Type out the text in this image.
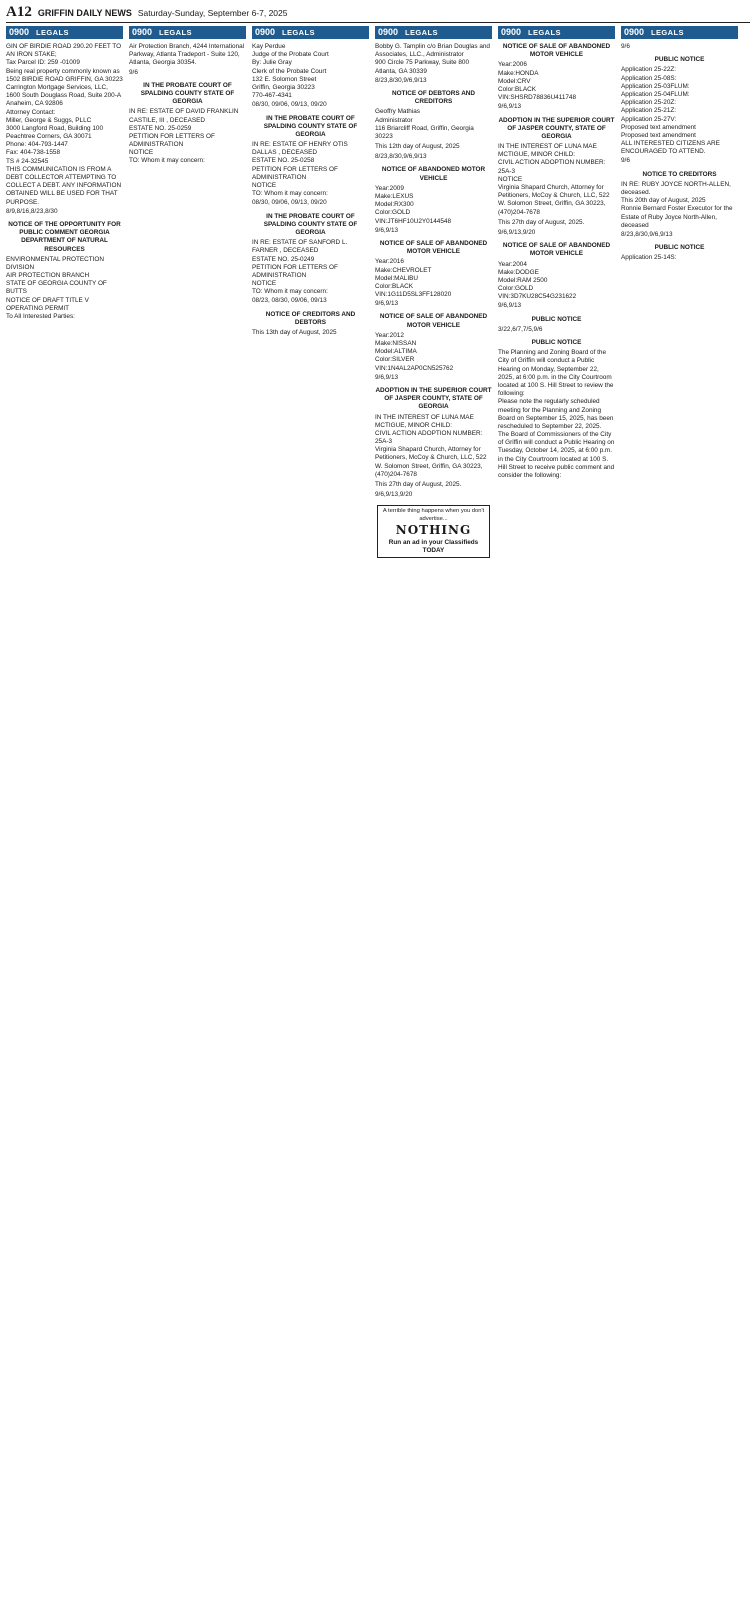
A12 GRIFFIN DAILY NEWS Saturday-Sunday, September 6-7, 2025
0900 LEGALS

GIN OF BIRDIE ROAD 290.20 FEET TO AN IRON STAKE;

Tax Parcel ID: 259 -01009

Being real property commonly known as 1502 BIRDIE ROAD GRIFFIN, GA 30223

Carrington Mortgage Services, LLC, 1600 South Douglass Road, Suite 200-A Anaheim, CA 92806

Attorney Contact:

Miller, George & Suggs, PLLC

3000 Langford Road, Building 100 Peachtree Corners, GA 30071

Phone: 404-793-1447

Fax: 404-738-1558

TS # 24-32545

THIS COMMUNICATION IS FROM A DEBT COLLECTOR ATTEMPTING TO COLLECT A DEBT. ANY INFORMATION OBTAINED WILL BE USED FOR THAT PURPOSE.

8/9,8/16,8/23,8/30

NOTICE OF THE OPPORTUNITY FOR PUBLIC COMMENT GEORGIA DEPARTMENT OF NATURAL RESOURCES

ENVIRONMENTAL PROTECTION DIVISION

AIR PROTECTION BRANCH

STATE OF GEORGIA COUNTY OF BUTTS

NOTICE OF DRAFT TITLE V OPERATING PERMIT

To All Interested Parties:

0900 LEGALS

Air Protection Branch, 4244 International Parkway, Atlanta Tradeport - Suite 120, Atlanta, Georgia 30354.

9/6

IN THE PROBATE COURT OF SPALDING COUNTY STATE OF GEORGIA

IN RE: ESTATE OF DAVID FRANKLIN CASTILE, III , DECEASED

ESTATE NO. 25-0259

PETITION FOR LETTERS OF ADMINISTRATION

NOTICE

TO: Whom it may concern:

0900 LEGALS

Kay Perdue

Judge of the Probate Court

By: Julie Gray

Clerk of the Probate Court

132 E. Solomon Street

Griffin, Georgia 30223

770-467-4341

08/30, 09/06, 09/13, 09/20

IN THE PROBATE COURT OF SPALDING COUNTY STATE OF GEORGIA

IN RE: ESTATE OF HENRY OTIS DALLAS , DECEASED

ESTATE NO. 25-0258

PETITION FOR LETTERS OF ADMINISTRATION

NOTICE

TO: Whom it may concern:

08/30, 09/06, 09/13, 09/20

IN THE PROBATE COURT OF SPALDING COUNTY STATE OF GEORGIA

IN RE: ESTATE OF SANFORD L. FARNER , DECEASED

ESTATE NO. 25-0249

PETITION FOR LETTERS OF ADMINISTRATION

NOTICE

TO: Whom it may concern:

08/23, 08/30, 09/06, 09/13

NOTICE OF CREDITORS AND DEBTORS

This 13th day of August, 2025

0900 LEGALS

Bobby G. Tamplin c/o Brian Douglas and Associates, LLC., Administrator

900 Circle 75 Parkway, Suite 800 Atlanta, GA 30339

8/23,8/30,9/6,9/13

NOTICE OF DEBTORS AND CREDITORS

Geoffry Mathias

Administrator

116 Briarcliff Road, Griffin, Georgia 30223

This 12th day of August, 2025

8/23,8/30,9/6,9/13

NOTICE OF ABANDONED MOTOR VEHICLE

Year:2009

Make:LEXUS

Model:RX300

Color:GOLD

VIN:JT6HF10U2Y0144548

9/6,9/13

NOTICE OF SALE OF ABANDONED MOTOR VEHICLE

Year:2016

Make:CHEVROLET

Model:MALIBU

Color:BLACK

VIN:1G11D5SL3FF128020

9/6,9/13

NOTICE OF SALE OF ABANDONED MOTOR VEHICLE

Year:2012

Make:NISSAN

Model:ALTIMA

Color:SILVER

VIN:1N4AL2AP0CN525762

9/6,9/13

ADOPTION IN THE SUPERIOR COURT OF JASPER COUNTY, STATE OF GEORGIA

IN THE INTEREST OF LUNA MAE MCTIGUE, MINOR CHILD:

CIVIL ACTION ADOPTION NUMBER: 25A-3

Virginia Shapard Church, Attorney for Petitioners, McCoy & Church, LLC, 522 W. Solomon Street, Griffin, GA 30223,

(470)204-7678

This 27th day of August, 2025.

9/6,9/13,9/20

A terrible thing happens when you don't advertise...
NOTHING
Run an ad in your Classifieds TODAY
0900 LEGALS
NOTICE OF SALE OF ABANDONED MOTOR VEHICLE

Year:2006

Make:HONDA

Model:CRV

Color:BLACK

VIN:SHSRD78836U411748

9/6,9/13

ADOPTION IN THE SUPERIOR COURT OF JASPER COUNTY, STATE OF GEORGIA

IN THE INTEREST OF LUNA MAE MCTIGUE, MINOR CHILD:

CIVIL ACTION ADOPTION NUMBER: 25A-3

NOTICE

Virginia Shapard Church, Attorney for Petitioners, McCoy & Church, LLC, 522 W. Solomon Street, Griffin, GA 30223, (470)204-7678

This 27th day of August, 2025.

9/6,9/13,9/20

NOTICE OF SALE OF ABANDONED MOTOR VEHICLE

Year:2004

Make:DODGE

Model:RAM 2500

Color:GOLD

VIN:3D7KU28C54G231622

9/6,9/13

PUBLIC NOTICE

3/22,6/7,7/5,9/6

PUBLIC NOTICE

The Planning and Zoning Board of the City of Griffin will conduct a Public Hearing on Monday, September 22, 2025, at 6:00 p.m. in the City Courtroom located at 100 S. Hill Street to review the following:

Please note the regularly scheduled meeting for the Planning and Zoning Board on September 15, 2025, has been rescheduled to September 22, 2025.

The Board of Commissioners of the City of Griffin will conduct a Public Hearing on Tuesday, October 14, 2025, at 6:00 p.m. in the City Courtroom located at 100 S. Hill Street to receive public comment and consider the following:

0900 LEGALS

9/6

PUBLIC NOTICE

Application 25-22Z:

Application 25-08S:

Application 25-03FLUM:

Application 25-04FLUM:

Application 25-20Z:

Application 25-21Z:

Application 25-27V:

Proposed text amendment

Proposed text amendment

ALL INTERESTED CITIZENS ARE ENCOURAGED TO ATTEND.

9/6

NOTICE TO CREDITORS

IN RE: RUBY JOYCE NORTH-ALLEN, deceased.

This 20th day of August, 2025

Ronnie Bernard Foster Executor for the Estate of Ruby Joyce North-Allen, deceased

8/23,8/30,9/6,9/13

PUBLIC NOTICE

Application 25-14S:
